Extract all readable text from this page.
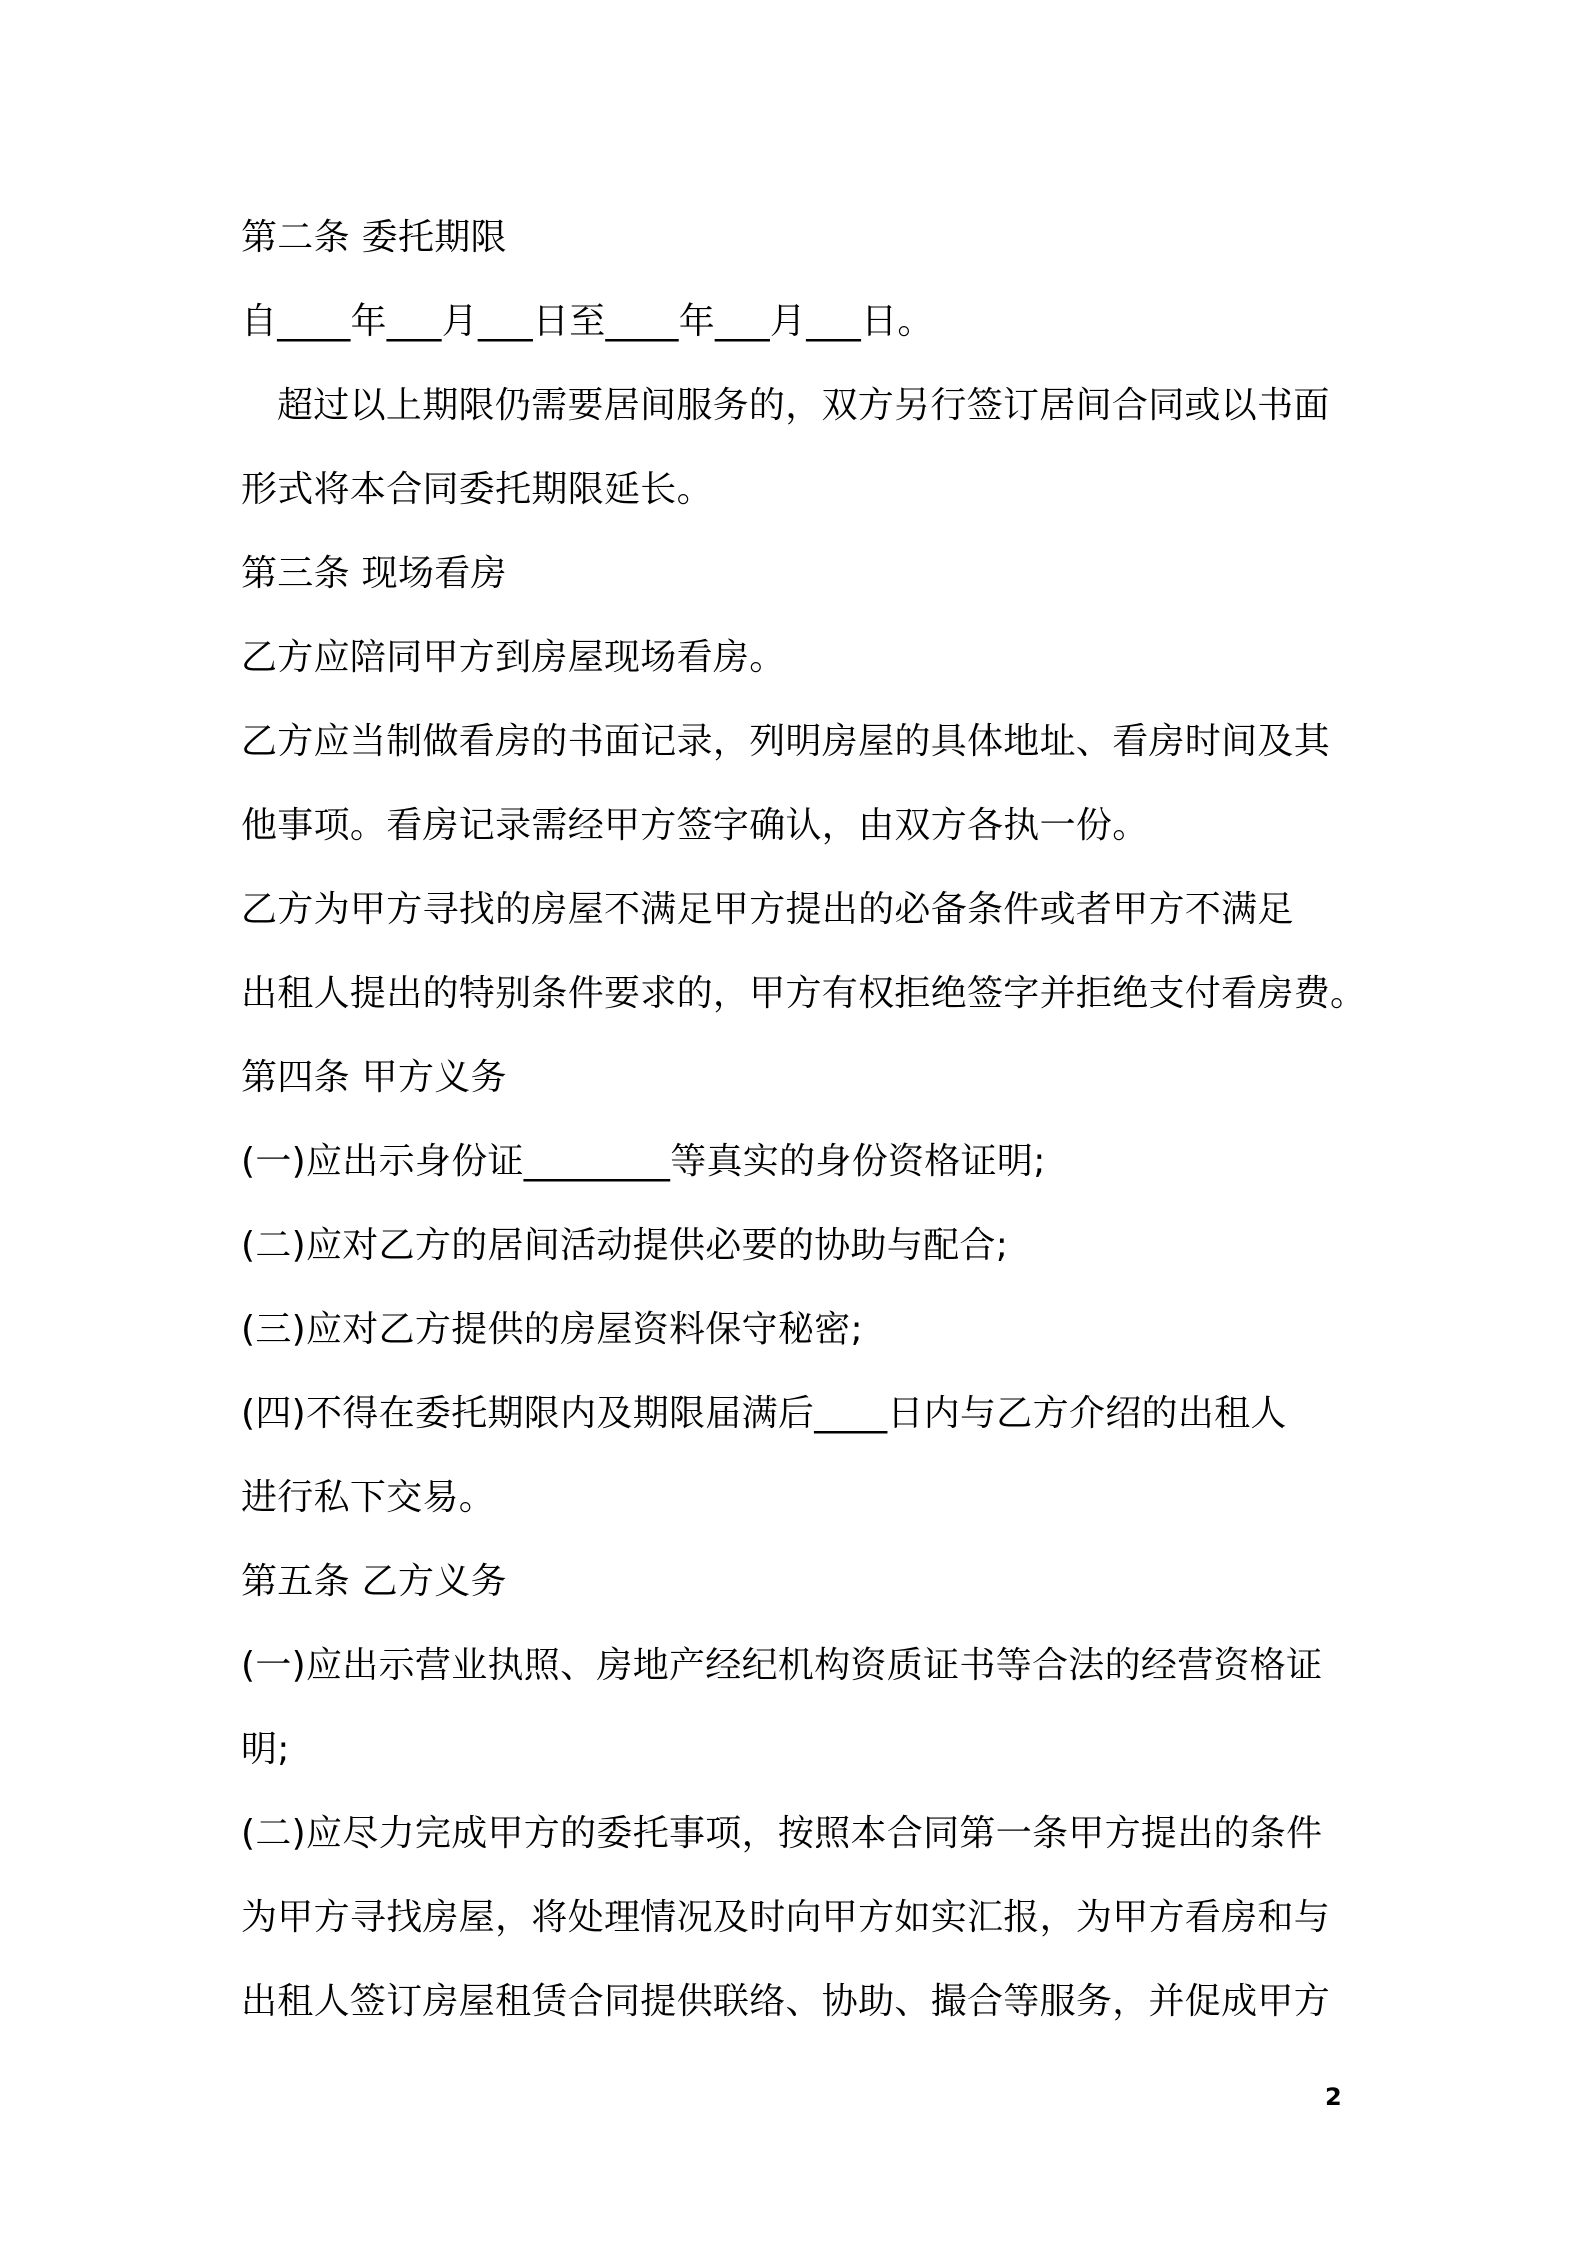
第二条 委托期限
自____年___月___日至____年___月___日。
超过以上期限仍需要居间服务的，双方另行签订居间合同或以书面
形式将本合同委托期限延长。
第三条 现场看房
乙方应陪同甲方到房屋现场看房。
乙方应当制做看房的书面记录，列明房屋的具体地址、看房时间及其
他事项。看房记录需经甲方签字确认，由双方各执一份。
乙方为甲方寻找的房屋不满足甲方提出的必备条件或者甲方不满足
出租人提出的特别条件要求的，甲方有权拒绝签字并拒绝支付看房费。
第四条 甲方义务
(一)应出示身份证________等真实的身份资格证明;
(二)应对乙方的居间活动提供必要的协助与配合;
(三)应对乙方提供的房屋资料保守秘密;
(四)不得在委托期限内及期限届满后____日内与乙方介绍的出租人
进行私下交易。
第五条 乙方义务
(一)应出示营业执照、房地产经纪机构资质证书等合法的经营资格证
明;
(二)应尽力完成甲方的委托事项，按照本合同第一条甲方提出的条件
为甲方寻找房屋，将处理情况及时向甲方如实汇报，为甲方看房和与
出租人签订房屋租赁合同提供联络、协助、撮合等服务，并促成甲方
2
